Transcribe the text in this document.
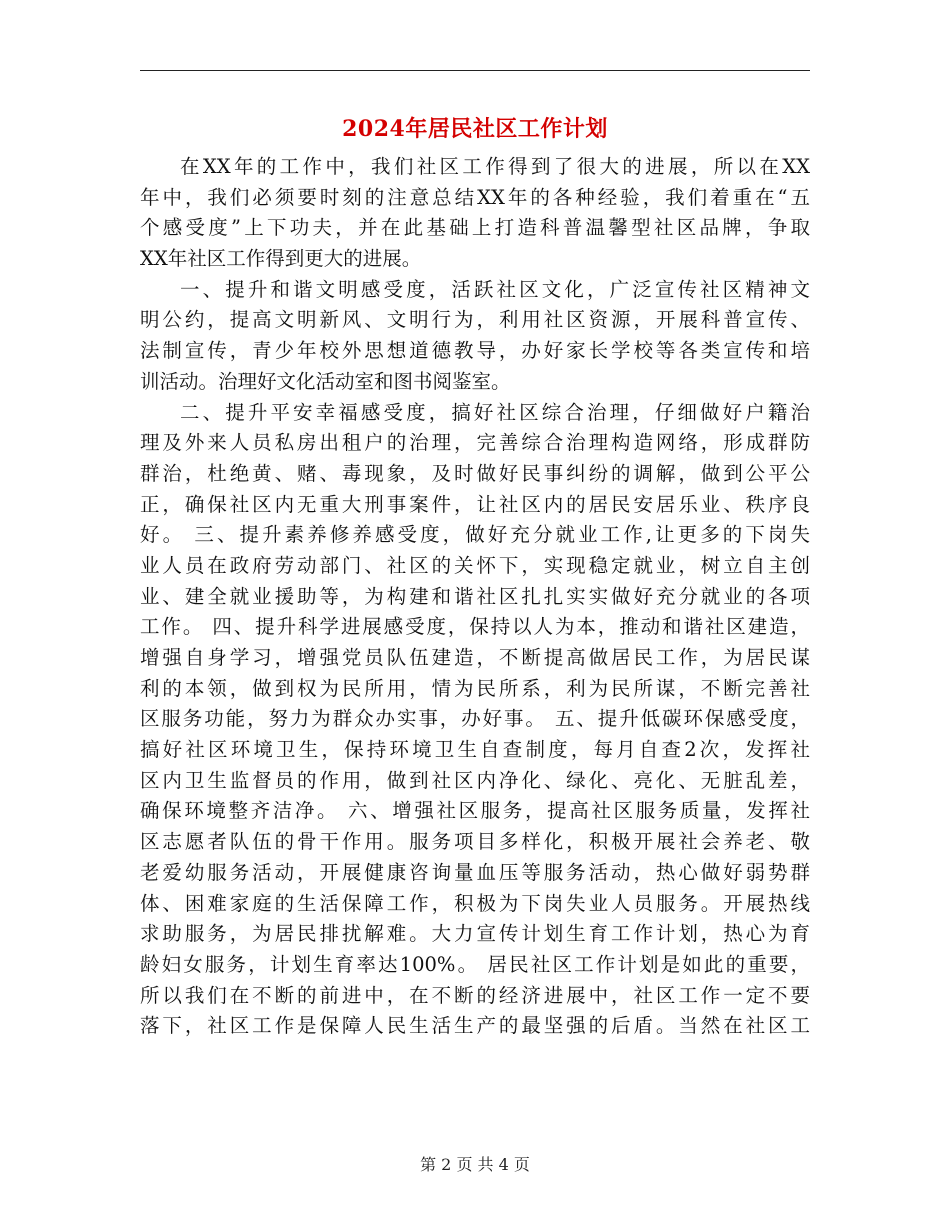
2024年居民社区工作计划
在XX年的工作中，我们社区工作得到了很大的进展，所以在XX
年中，我们必须要时刻的注意总结XX年的各种经验，我们着重在“五
个感受度”上下功夫，并在此基础上打造科普温馨型社区品牌，争取
XX年社区工作得到更大的进展。
一、提升和谐文明感受度，活跃社区文化，广泛宣传社区精神文
明公约，提高文明新风、文明行为，利用社区资源，开展科普宣传、
法制宣传，青少年校外思想道德教导，办好家长学校等各类宣传和培
训活动。治理好文化活动室和图书阅鉴室。
二、提升平安幸福感受度，搞好社区综合治理，仔细做好户籍治
理及外来人员私房出租户的治理，完善综合治理构造网络，形成群防
群治，杜绝黄、赌、毒现象，及时做好民事纠纷的调解，做到公平公
正，确保社区内无重大刑事案件，让社区内的居民安居乐业、秩序良
好。 三、提升素养修养感受度，做好充分就业工作,让更多的下岗失
业人员在政府劳动部门、社区的关怀下，实现稳定就业，树立自主创
业、建全就业援助等，为构建和谐社区扎扎实实做好充分就业的各项
工作。 四、提升科学进展感受度，保持以人为本，推动和谐社区建造，
增强自身学习，增强党员队伍建造，不断提高做居民工作，为居民谋
利的本领，做到权为民所用，情为民所系，利为民所谋，不断完善社
区服务功能，努力为群众办实事，办好事。 五、提升低碳环保感受度，
搞好社区环境卫生，保持环境卫生自查制度，每月自查2次，发挥社
区内卫生监督员的作用，做到社区内净化、绿化、亮化、无脏乱差，
确保环境整齐洁净。 六、增强社区服务，提高社区服务质量，发挥社
区志愿者队伍的骨干作用。服务项目多样化，积极开展社会养老、敬
老爱幼服务活动，开展健康咨询量血压等服务活动，热心做好弱势群
体、困难家庭的生活保障工作，积极为下岗失业人员服务。开展热线
求助服务，为居民排扰解难。大力宣传计划生育工作计划，热心为育
龄妇女服务，计划生育率达100%。 居民社区工作计划是如此的重要，
所以我们在不断的前进中，在不断的经济进展中，社区工作一定不要
落下，社区工作是保障人民生活生产的最坚强的后盾。当然在社区工
第 2 页 共 4 页
